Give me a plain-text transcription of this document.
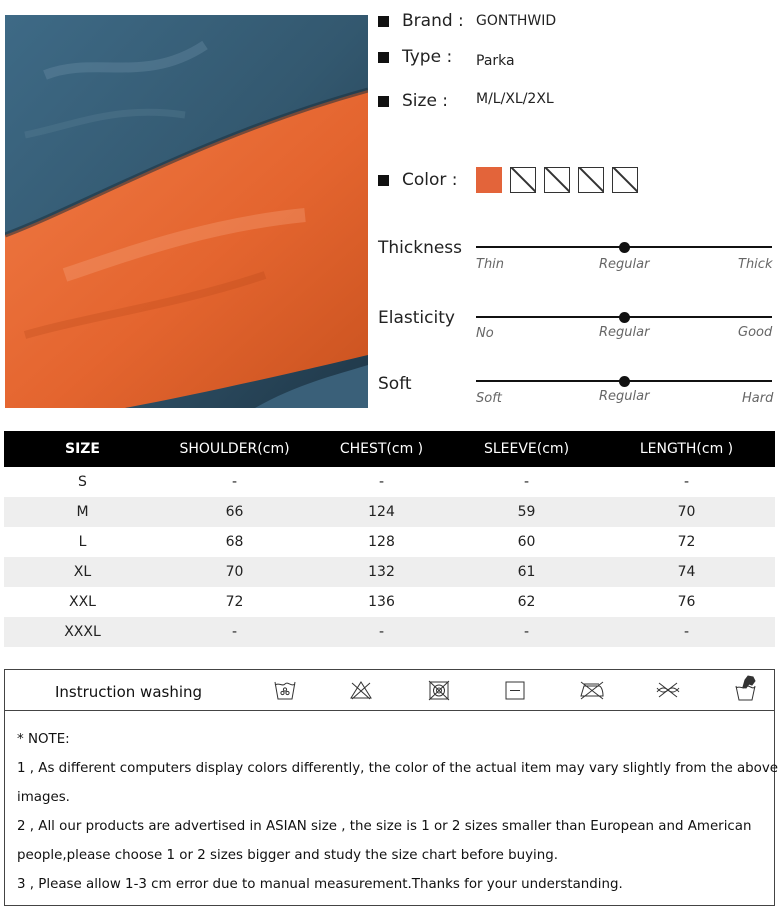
Brand : GONTHWID
Type : Parka
Size : M/L/XL/2XL
Color :
Thickness
Thin	Regular	Thick
Elasticity
No	Regular	Good
Soft
Soft	Regular	Hard
SIZE	SHOULDER(cm)	CHEST(cm )	SLEEVE(cm)	LENGTH(cm )
S	-	-	-	-
M	66	124	59	70
L	68	128	60	72
XL	70	132	61	74
XXL	72	136	62	76
XXXL	-	-	-	-
Instruction washing

* NOTE:

1 , As different computers display colors differently, the color of the actual item may vary slightly from the above

images.

2 , All our products are advertised in ASIAN size , the size is 1 or 2 sizes smaller than European and American

people,please choose 1 or 2 sizes bigger and study the size chart before buying.

3 , Please allow 1-3 cm error due to manual measurement.Thanks for your understanding.
